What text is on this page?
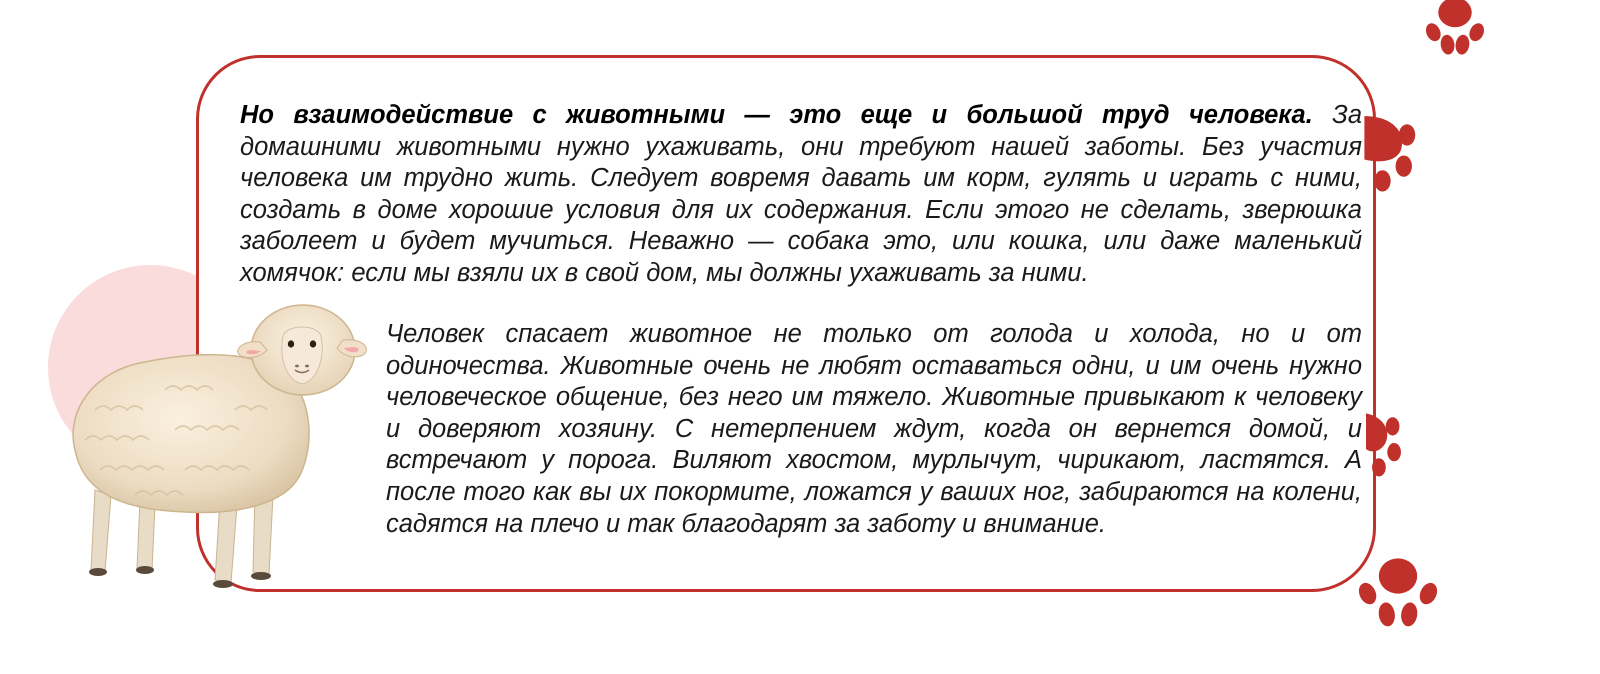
Но взаимодействие с животными — это еще и большой труд человека. За домашними животными нужно ухаживать, они требуют нашей заботы. Без участия человека им трудно жить. Следует вовремя давать им корм, гулять и играть с ними, создать в доме хорошие условия для их содержания. Если этого не сделать, зверюшка заболеет и будет мучиться. Неважно — собака это, или кошка, или даже маленький хомячок: если мы взяли их в свой дом, мы должны ухаживать за ними.

Человек спасает животное не только от голода и холода, но и от одиночества. Животные очень не любят оставаться одни, и им очень нужно человеческое общение, без него им тяжело. Животные привыкают к человеку и доверяют хозяину. С нетерпением ждут, когда он вернется домой, и встречают у порога. Виляют хвостом, мурлычут, чирикают, ластятся. А после того как вы их покормите, ложатся у ваших ног, забираются на колени, садятся на плечо и так благодарят за заботу и внимание.
